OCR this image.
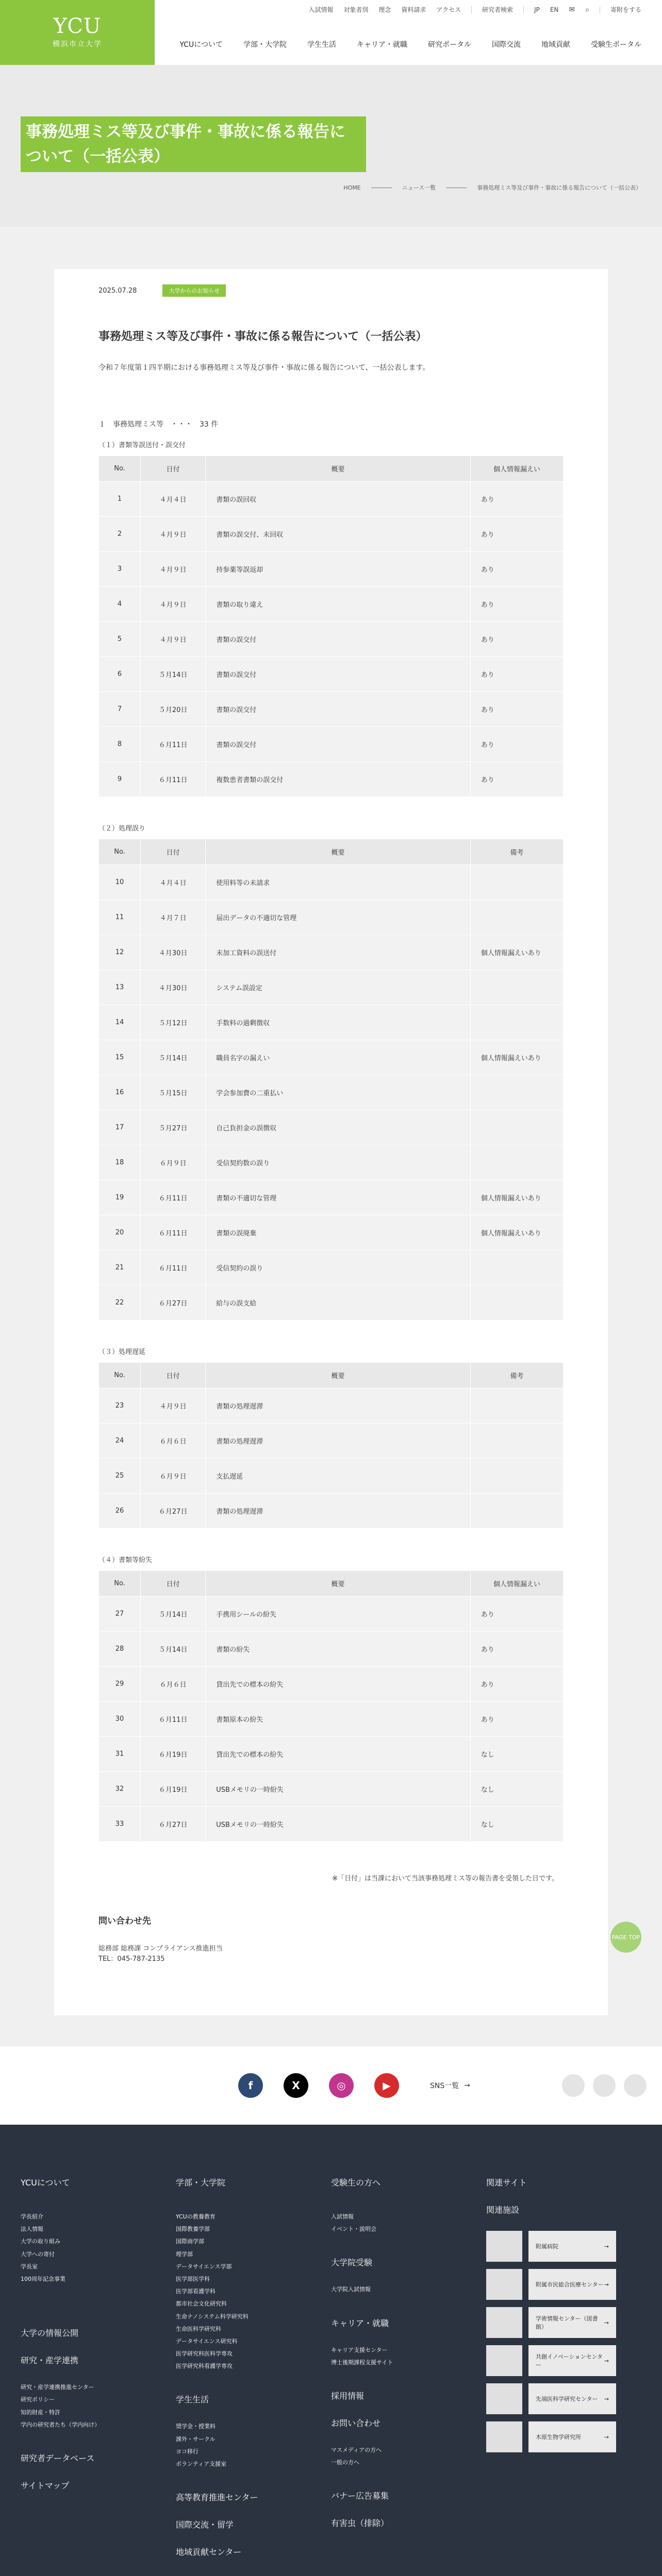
YCU
横浜市立大学
入試情報 対象者別 理念 資料請求 アクセス	研究者検索	JP EN ✉ ⌕	寄附をする
YCUについて	学部・大学院	学生生活	キャリア・就職	研究ポータル	国際交流	地域貢献	受験生ポータル
事務処理ミス等及び事件・事故に係る報告について（一括公表）
HOME	ニュース一覧	事務処理ミス等及び事件・事故に係る報告について（一括公表）
2025.07.28	大学からのお知らせ
事務処理ミス等及び事件・事故に係る報告について（一括公表）

令和７年度第１四半期における事務処理ミス等及び事件・事故に係る報告について、一括公表します。

１　事務処理ミス等　・・・　33 件

（１）書類等誤送付・誤交付

No.	日付	概要	個人情報漏えい
1	４月４日	書類の誤回収	あり
2	４月９日	書類の誤交付、未回収	あり
3	４月９日	持参薬等誤返却	あり
4	４月９日	書類の取り違え	あり
5	４月９日	書類の誤交付	あり
6	５月14日	書類の誤交付	あり
7	５月20日	書類の誤交付	あり
8	６月11日	書類の誤交付	あり
9	６月11日	複数患者書類の誤交付	あり

（２）処理誤り

No.	日付	概要	備考
10	４月４日	使用料等の未請求	
11	４月７日	届出データの不適切な管理	
12	４月30日	未加工資料の誤送付	個人情報漏えいあり
13	４月30日	システム誤設定	
14	５月12日	手数料の過剰徴収	
15	５月14日	職員名字の漏えい	個人情報漏えいあり
16	５月15日	学会参加費の二重払い	
17	５月27日	自己負担金の誤徴収	
18	６月９日	受信契約数の誤り	
19	６月11日	書類の不適切な管理	個人情報漏えいあり
20	６月11日	書類の誤廃棄	個人情報漏えいあり
21	６月11日	受信契約の誤り	
22	６月27日	給与の誤支給	

（３）処理遅延

No.	日付	概要	備考
23	４月９日	書類の処理遅滞	
24	６月６日	書類の処理遅滞	
25	６月９日	支払遅延	
26	６月27日	書類の処理遅滞	

（４）書類等紛失

No.	日付	概要	個人情報漏えい
27	５月14日	手携用シールの紛失	あり
28	５月14日	書類の紛失	あり
29	６月６日	貸出先での標本の紛失	あり
30	６月11日	書類原本の紛失	あり
31	６月19日	貸出先での標本の紛失	なし
32	６月19日	USBメモリの一時紛失	なし
33	６月27日	USBメモリの一時紛失	なし

※「日付」は当課において当該事務処理ミス等の報告書を受領した日です。

問い合わせ先

総務部 総務課 コンプライアンス推進担当

TEL：045-787-2135

PAGE TOP
f	X	◎	▶	SNS一覧 →
YCUについて
学長紹介
法人情報
大学の取り組み
大学への寄付
学長室
100周年記念事業
大学の情報公開
研究・産学連携
研究・産学連携推進センター
研究ポリシー
知的財産・特許
学内の研究者たち（学内向け）
研究者データベース
サイトマップ
学部・大学院
YCUの教養教育
国際教養学部
国際商学部
理学部
データサイエンス学部
医学部医学科
医学部看護学科
都市社会文化研究科
生命ナノシステム科学研究科
生命医科学研究科
データサイエンス研究科
医学研究科医科学専攻
医学研究科看護学専攻
学生生活
奨学金・授業料
課外・サークル
ヨコ移行
ボランティア支援室
高等教育推進センター
国際交流・留学
地域貢献センター
受験生の方へ
入試情報
イベント・説明会
大学院受験
大学院入試情報
キャリア・就職
キャリア支援センター
博士後期課程支援サイト
採用情報
お問い合わせ
マスメディアの方へ
一般の方へ
バナー広告募集
有害虫（排除）
関連サイト
関連施設
附属病院	→
附属市民総合医療センター →
学術情報センター（図書館）
→
共創イノベーションセンター
→
先端医科学研究センター →
木原生物学研究所	→
